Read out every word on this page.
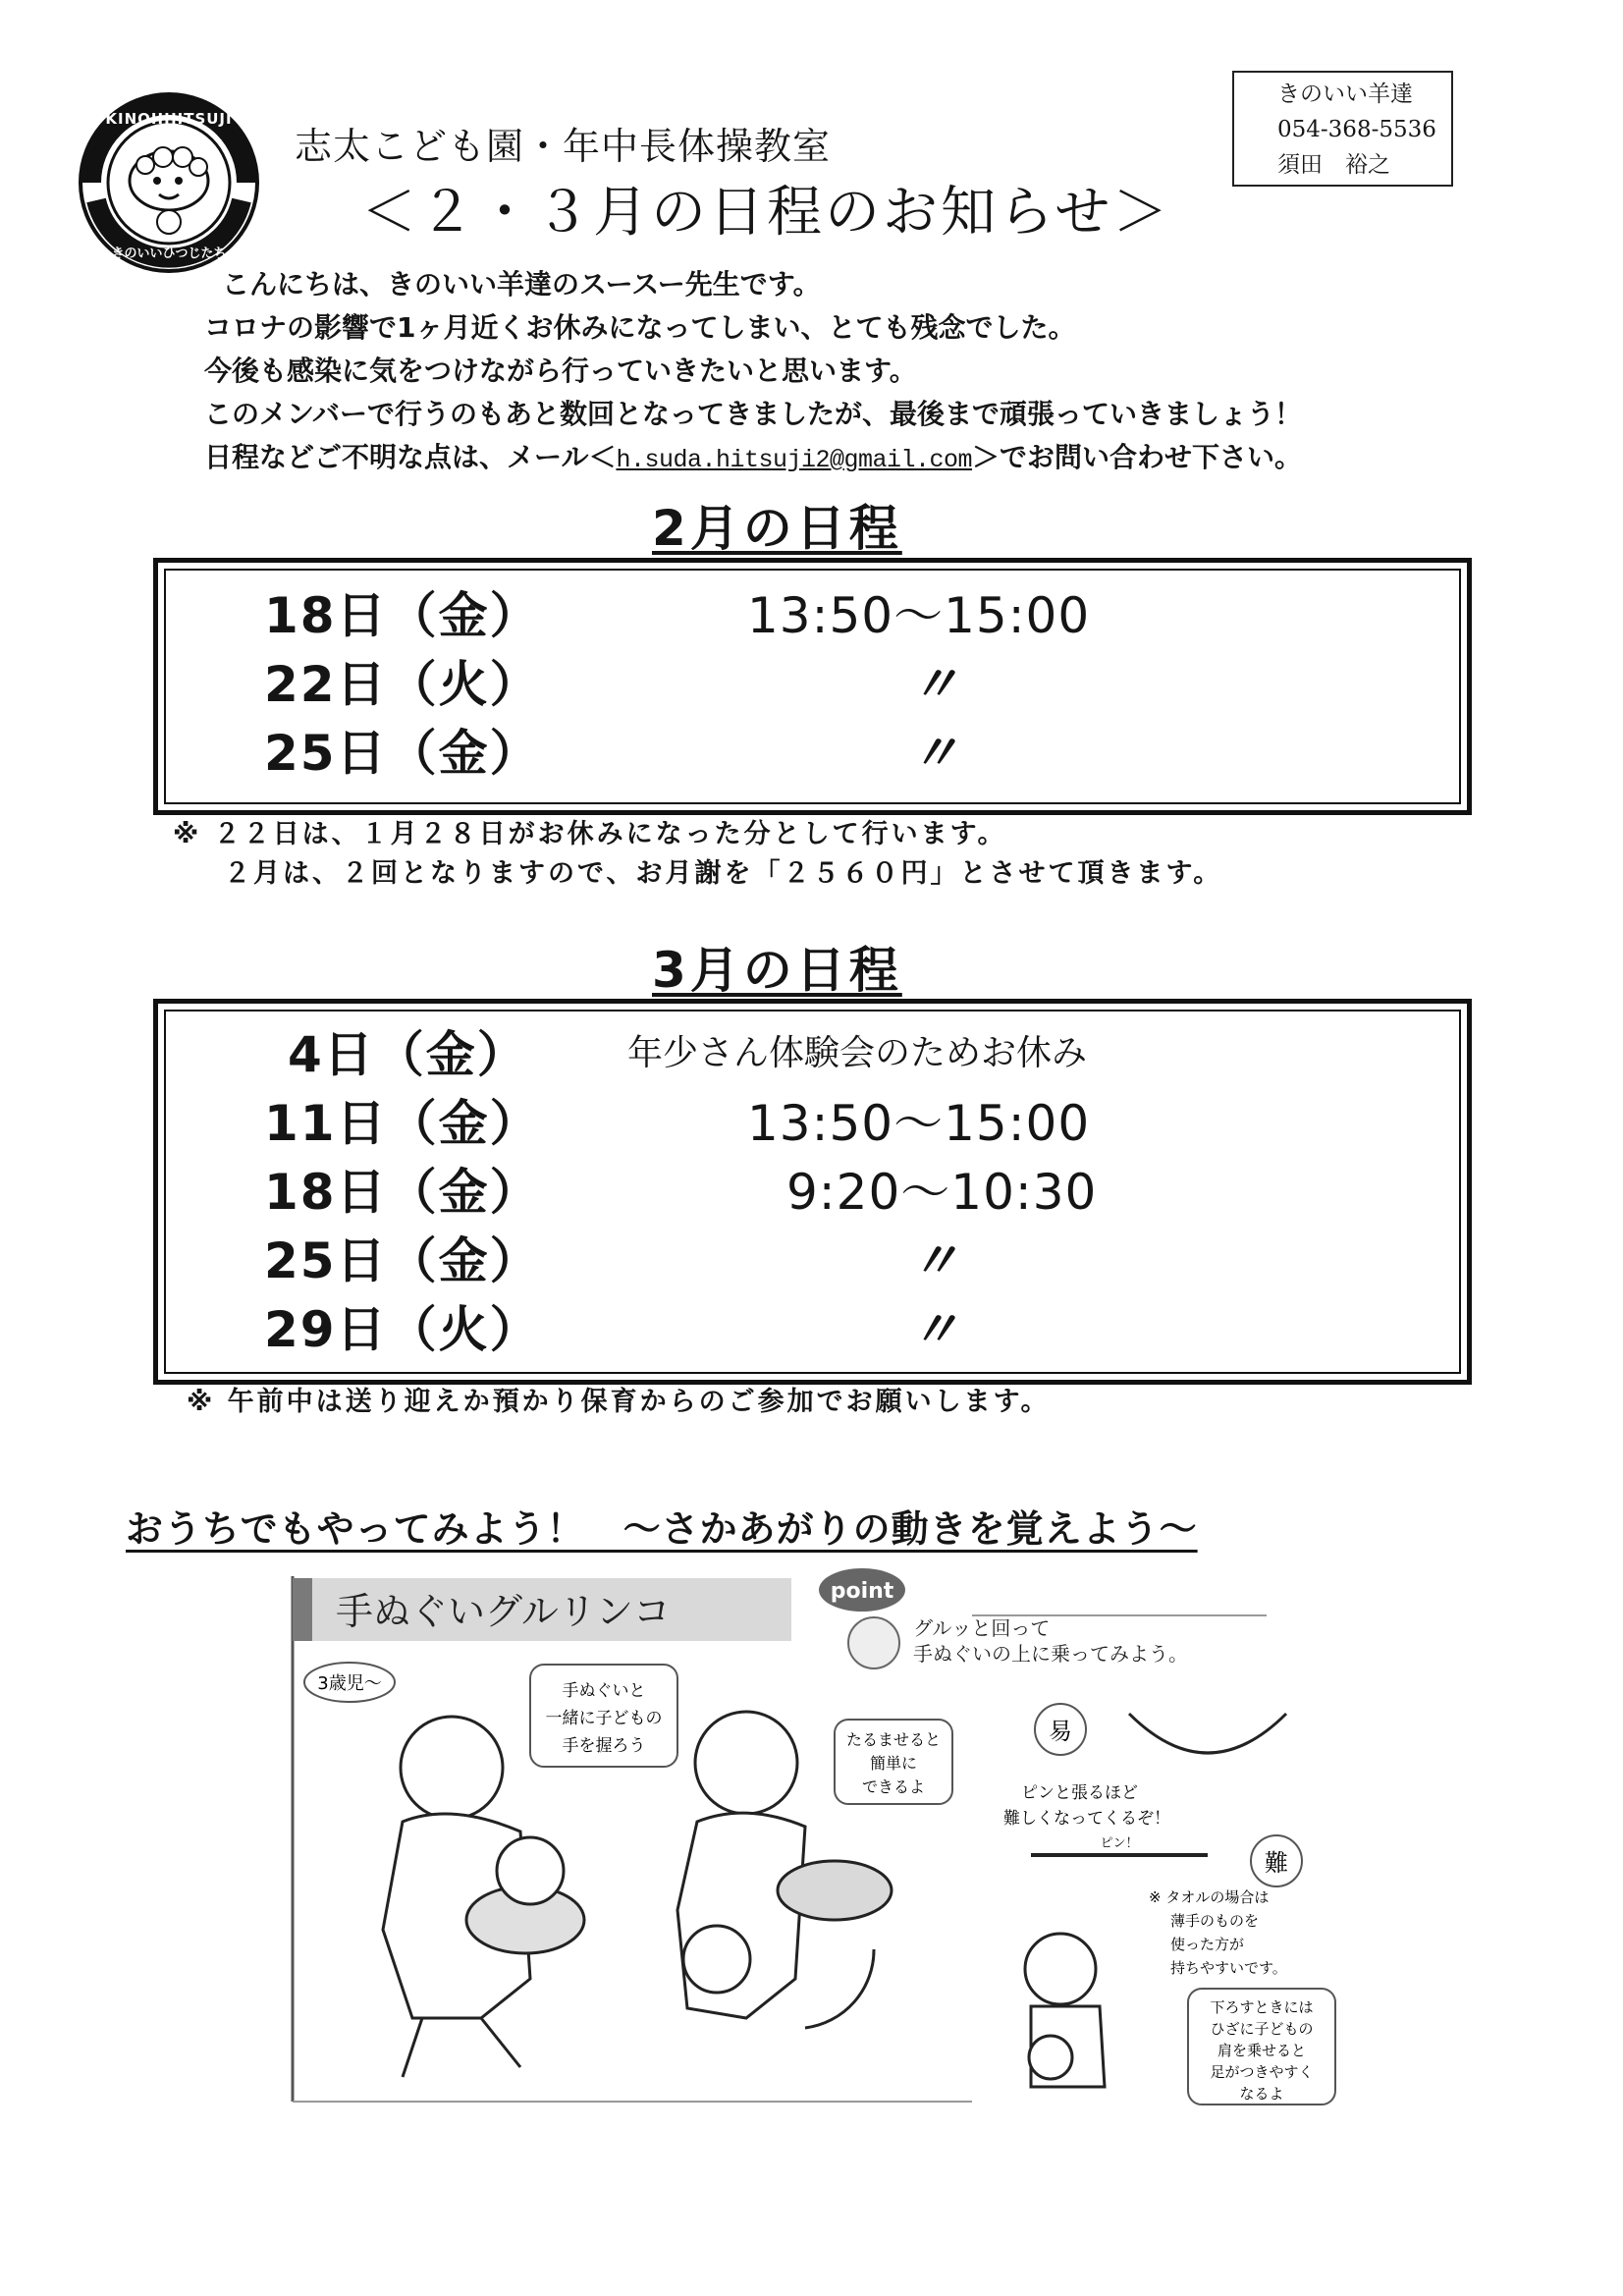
KINOIIHITSUJI
きのいいひつじたち
志太こども園・年中長体操教室
＜２・３月の日程のお知らせ＞
きのいい羊達
054-368-5536
須田　裕之
こんにちは、きのいい羊達のスースー先生です。
コロナの影響で1ヶ月近くお休みになってしまい、とても残念でした。
今後も感染に気をつけながら行っていきたいと思います。
このメンバーで行うのもあと数回となってきましたが、最後まで頑張っていきましょう！
日程などご不明な点は、メール＜h.suda.hitsuji2@gmail.com＞でお問い合わせ下さい。
2月の日程
18日（金）	13:50〜15:00
22日（火）	〃
25日（金）	〃
※ ２２日は、１月２８日がお休みになった分として行います。
２月は、２回となりますので、お月謝を「２５６０円」とさせて頂きます。
3月の日程
4日（金）	年少さん体験会のためお休み
11日（金）	13:50〜15:00
18日（金）	9:20〜10:30
25日（金）	〃
29日（火）	〃
※ 午前中は送り迎えか預かり保育からのご参加でお願いします。
おうちでもやってみよう！　〜さかあがりの動きを覚えよう〜
手ぬぐいグルリンコ	point
グルッと回って
手ぬぐいの上に乗ってみよう。
3歳児〜	手ぬぐいと
一緒に子どもの
手を握ろう	たるませると
簡単に
できるよ
易
ピンと張るほど
難しくなってくるぞ！
ピン！
難
※ タオルの場合は
薄手のものを
使った方が
持ちやすいです。
下ろすときには
ひざに子どもの
肩を乗せると
足がつきやすく
なるよ
